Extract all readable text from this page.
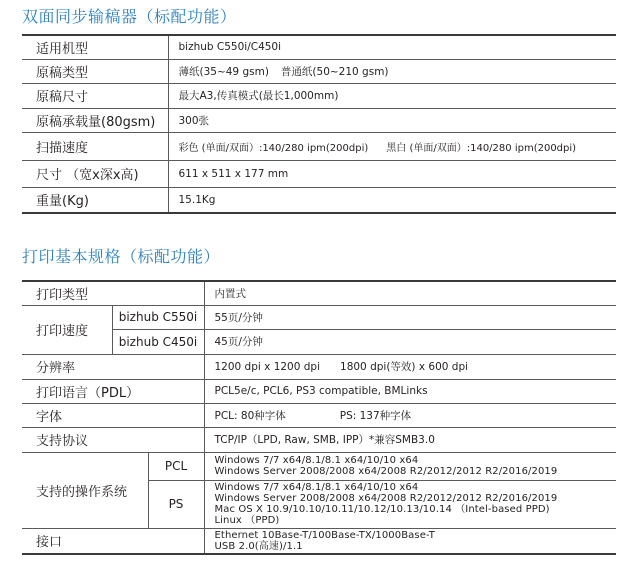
双面同步输稿器（标配功能）
适用机型	bizhub C550i/C450i
原稿类型	薄纸(35~49 gsm) 普通纸(50~210 gsm)
原稿尺寸	最大A3,传真模式(最长1,000mm)
原稿承载量(80gsm)	300张
扫描速度	彩色 (单面/双面）:140/280 ipm(200dpi) 黑白 (单面/双面）:140/280 ipm(200dpi)
尺寸 （宽x深x高)	611 x 511 x 177 mm
重量(Kg)	15.1Kg
打印基本规格（标配功能）
打印类型			内置式
打印速度	bizhub C550i		55页/分钟
	bizhub C450i		45页/分钟
分辨率			1200 dpi x 1200 dpi 1800 dpi(等效) x 600 dpi
打印语言（PDL）			PCL5e/c, PCL6, PS3 compatible, BMLinks
字体			PCL: 80种字体 PS: 137种字体
支持协议			TCP/IP（LPD, Raw, SMB, IPP）*兼容SMB3.0
支持的操作系统		PCL	Windows 7/7 x64/8.1/8.1 x64/10/10 x64
Windows Server 2008/2008 x64/2008 R2/2012/2012 R2/2016/2019

		PS	Windows 7/7 x64/8.1/8.1 x64/10/10 x64
Windows Server 2008/2008 x64/2008 R2/2012/2012 R2/2016/2019
Mac OS X 10.9/10.10/10.11/10.12/10.13/10.14 （Intel-based PPD)
Linux （PPD)

接口			Ethernet 10Base-T/100Base-TX/1000Base-T
USB 2.0(高速)/1.1
